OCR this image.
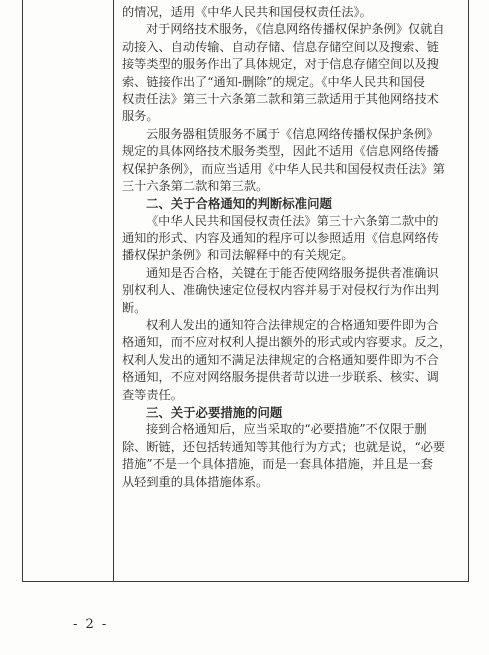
的情况，适用《中华人民共和国侵权责任法》。
对于网络技术服务，《信息网络传播权保护条例》仅就自
动接入、自动传输、自动存储、信息存储空间以及搜索、链
接等类型的服务作出了具体规定，对于信息存储空间以及搜
索、链接作出了“通知-删除”的规定。《中华人民共和国侵
权责任法》第三十六条第二款和第三款适用于其他网络技术
服务。
云服务器租赁服务不属于《信息网络传播权保护条例》
规定的具体网络技术服务类型，因此不适用《信息网络传播
权保护条例》，而应当适用《中华人民共和国侵权责任法》第
三十六条第二款和第三款。
二、关于合格通知的判断标准问题
《中华人民共和国侵权责任法》第三十六条第二款中的
通知的形式、内容及通知的程序可以参照适用《信息网络传
播权保护条例》和司法解释中的有关规定。
通知是否合格，关键在于能否使网络服务提供者准确识
别权利人、准确快速定位侵权内容并易于对侵权行为作出判
断。
权利人发出的通知符合法律规定的合格通知要件即为合
格通知，而不应对权利人提出额外的形式或内容要求。反之，
权利人发出的通知不满足法律规定的合格通知要件即为不合
格通知，不应对网络服务提供者苛以进一步联系、核实、调
查等责任。
三、关于必要措施的问题
接到合格通知后，应当采取的“必要措施”不仅限于删
除、断链，还包括转通知等其他行为方式；也就是说，“必要
措施”不是一个具体措施，而是一套具体措施，并且是一套
从轻到重的具体措施体系。
- 2 -
